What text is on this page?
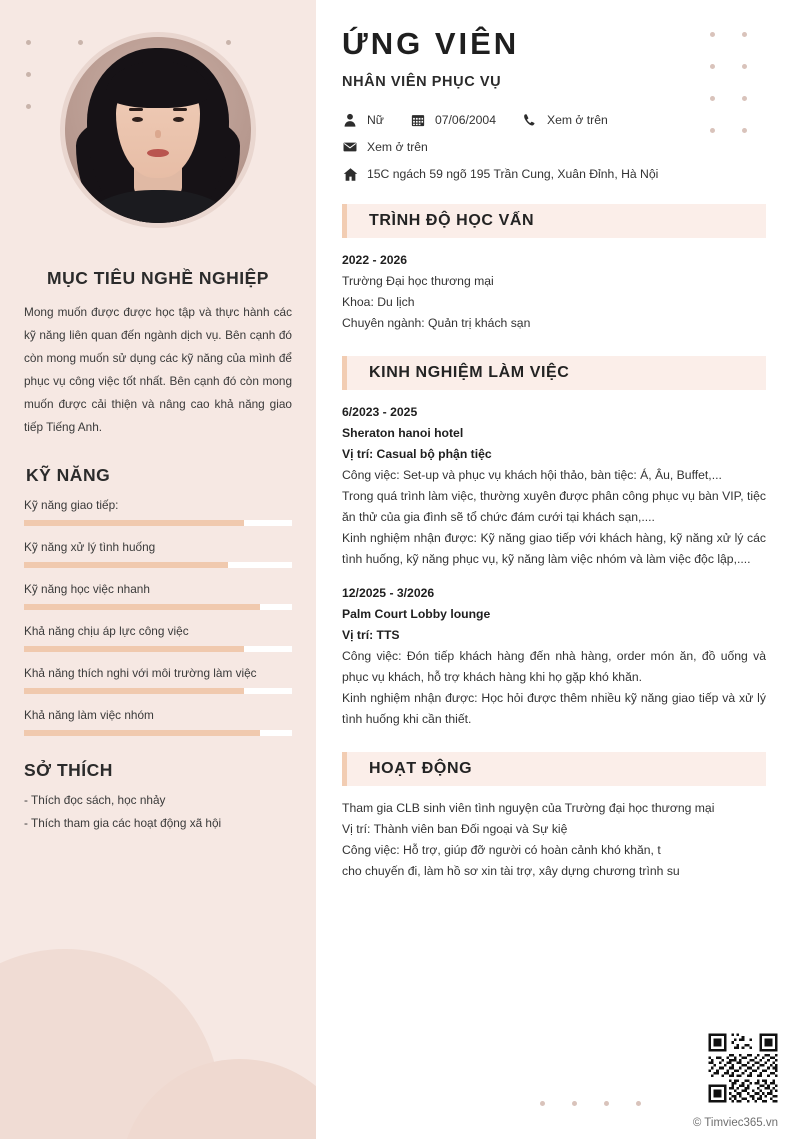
MỤC TIÊU NGHỀ NGHIỆP
Mong muốn được được học tập và thực hành các kỹ năng liên quan đến ngành dịch vụ. Bên cạnh đó còn mong muốn sử dụng các kỹ năng của mình để phục vụ công việc tốt nhất. Bên cạnh đó còn mong muốn được cải thiện và nâng cao khả năng giao tiếp Tiếng Anh.
KỸ NĂNG
Kỹ năng giao tiếp:
Kỹ năng xử lý tình huống
Kỹ năng học việc nhanh
Khả năng chịu áp lực công việc
Khả năng thích nghi với môi trường làm việc
Khả năng làm việc nhóm
SỞ THÍCH
- Thích đọc sách, học nhảy
- Thích tham gia các hoạt động xã hội
ỨNG VIÊN
NHÂN VIÊN PHỤC VỤ
Nữ	07/06/2004	Xem ở trên
Xem ở trên
15C ngách 59 ngõ 195 Trần Cung, Xuân Đỉnh, Hà Nội
TRÌNH ĐỘ HỌC VẤN

2022 - 2026

Trường Đại học thương mại

Khoa: Du lịch

Chuyên ngành: Quản trị khách sạn

KINH NGHIỆM LÀM VIỆC

6/2023 - 2025

Sheraton hanoi hotel

Vị trí: Casual bộ phận tiệc

Công việc: Set-up và phục vụ khách hội thảo, bàn tiệc: Á, Âu, Buffet,...

Trong quá trình làm việc, thường xuyên được phân công phục vụ bàn VIP, tiệc ăn thử của gia đình sẽ tổ chức đám cưới tại khách sạn,....

Kinh nghiệm nhận được: Kỹ năng giao tiếp với khách hàng, kỹ năng xử lý các tình huống, kỹ năng phục vụ, kỹ năng làm việc nhóm và làm việc độc lập,....

12/2025 - 3/2026

Palm Court Lobby lounge

Vị trí: TTS

Công việc: Đón tiếp khách hàng đến nhà hàng, order món ăn, đồ uống và phục vụ khách, hỗ trợ khách hàng khi họ gặp khó khăn.

Kinh nghiệm nhận được: Học hỏi được thêm nhiều kỹ năng giao tiếp và xử lý tình huống khi cần thiết.

HOẠT ĐỘNG

Tham gia CLB sinh viên tình nguyện của Trường đại học thương mại

Vị trí: Thành viên ban Đối ngoại và Sự kiệ

Công việc: Hỗ trợ, giúp đỡ người có hoàn cảnh khó khăn, t

cho chuyến đi, làm hồ sơ xin tài trợ, xây dựng chương trình su

© Timviec365.vn
